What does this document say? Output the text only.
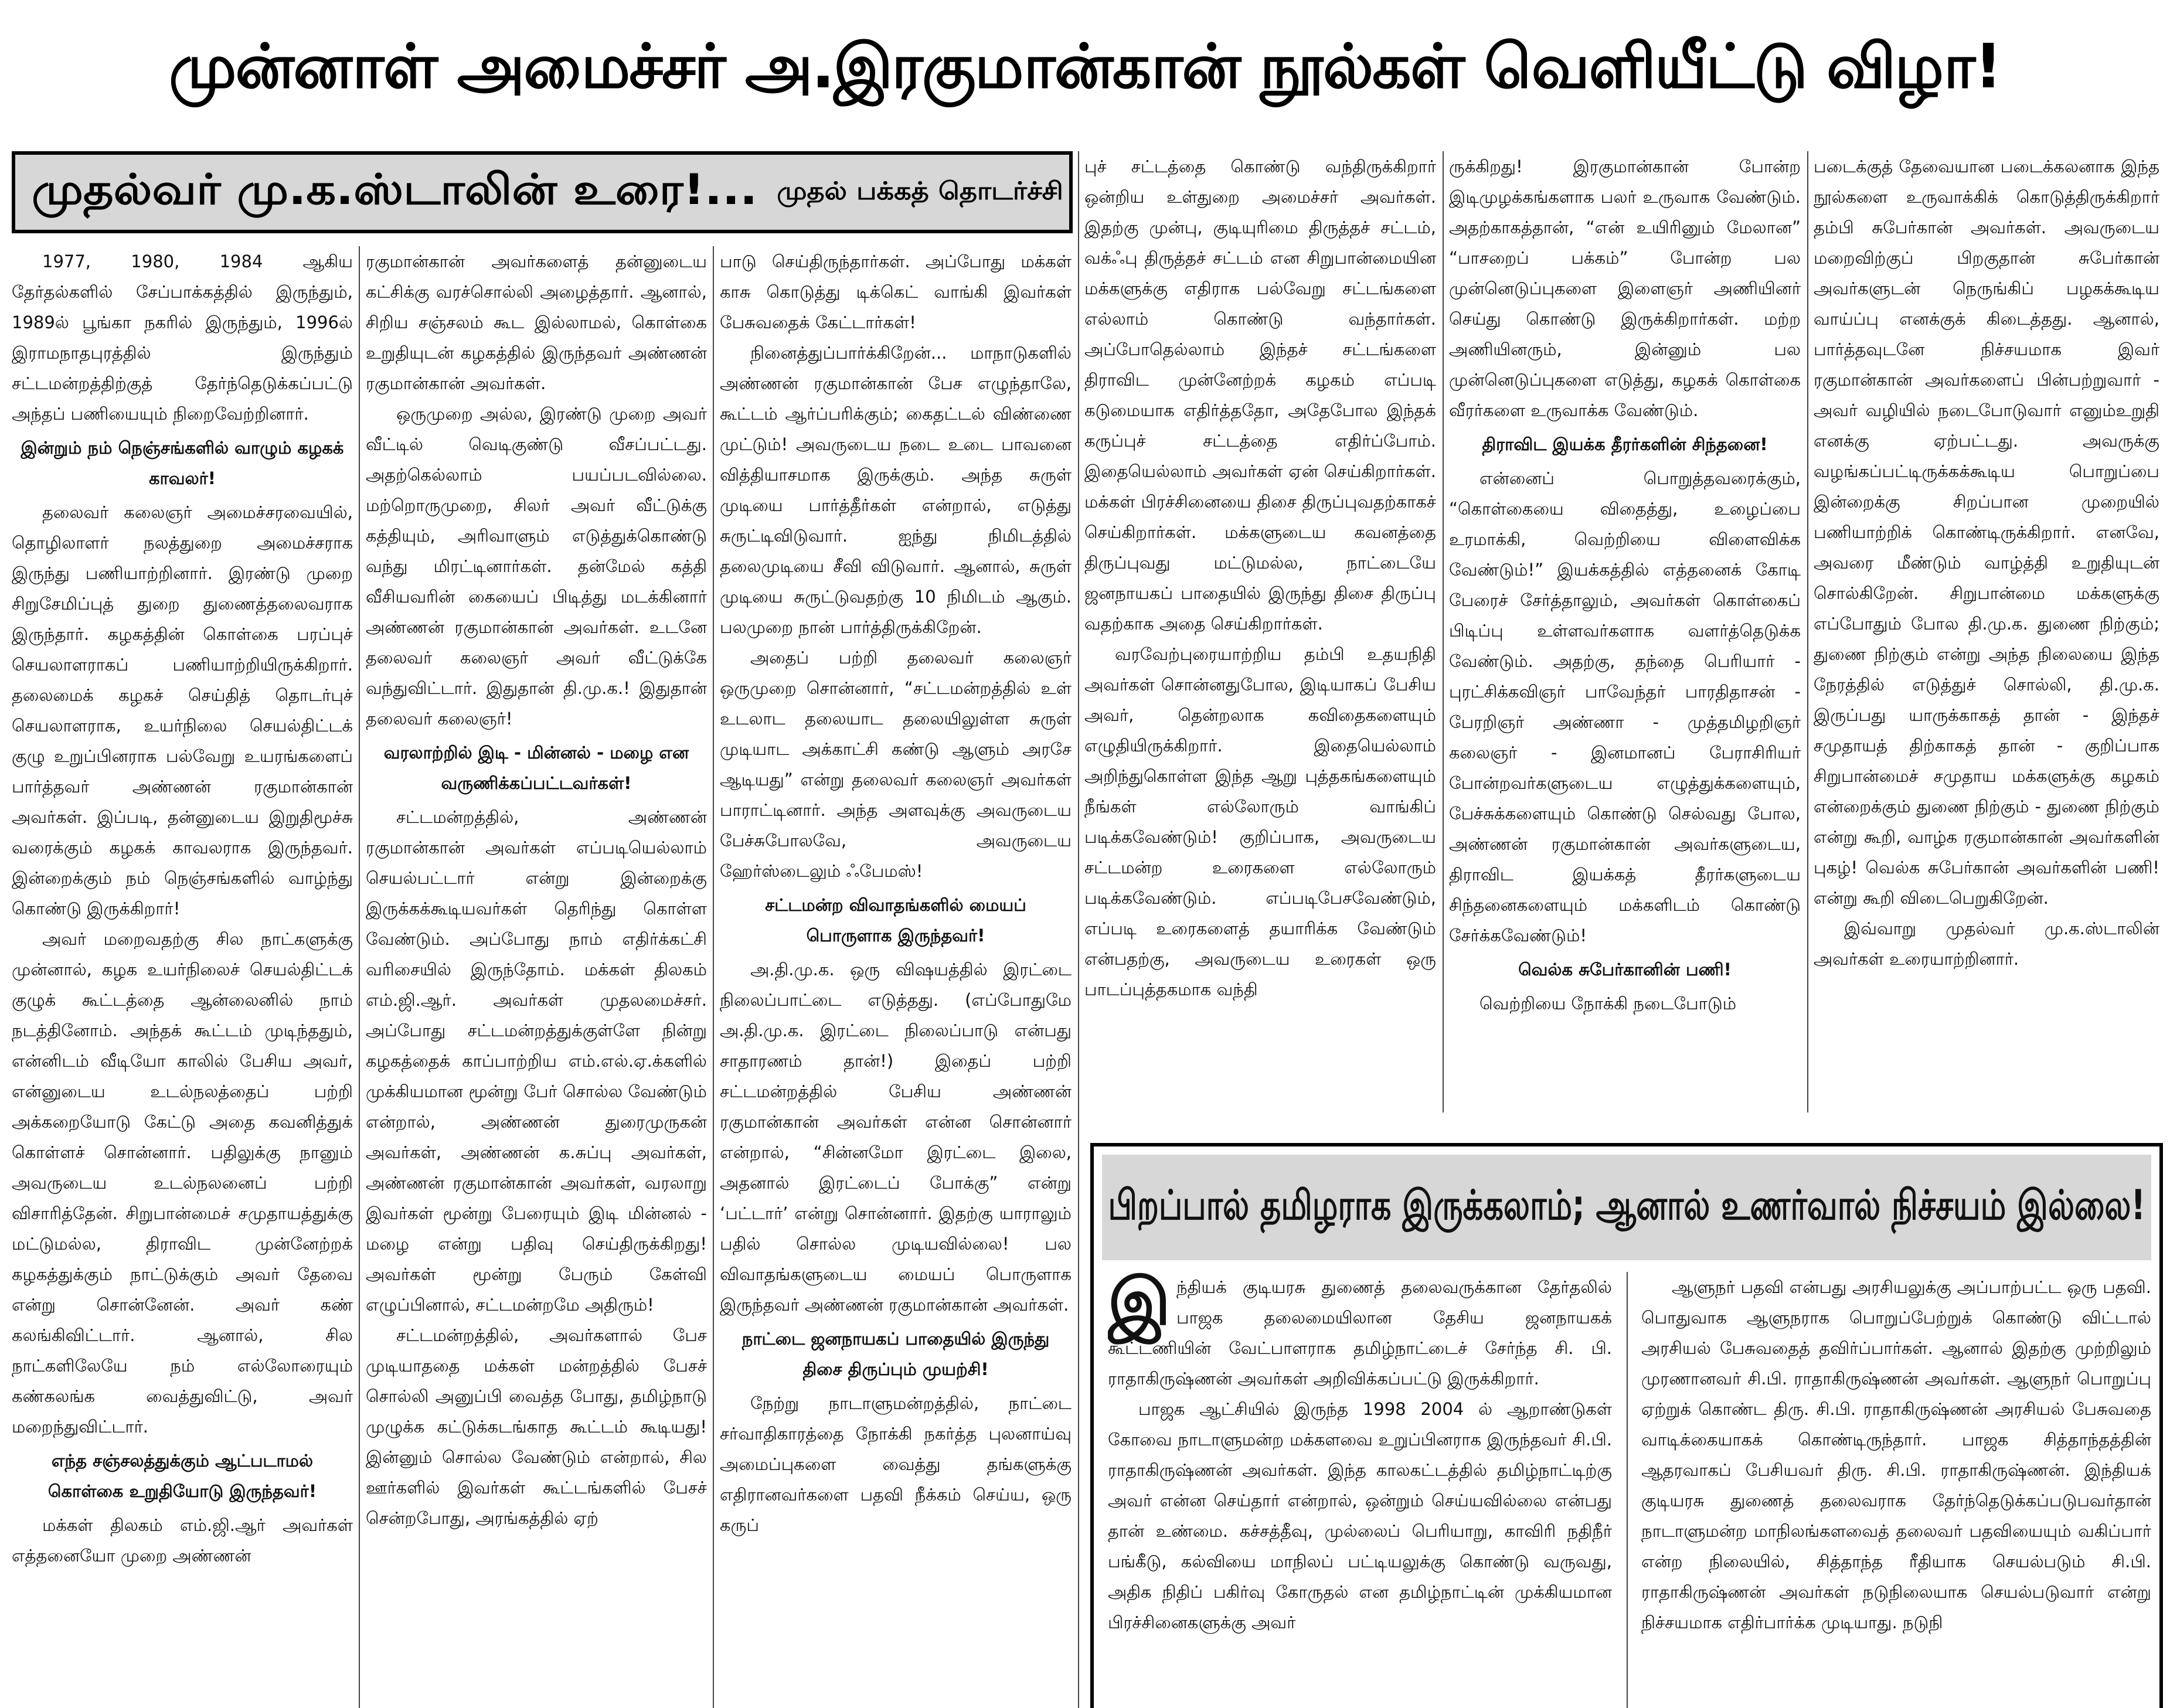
முன்னாள் அமைச்சர் அ.இரகுமான்கான் நூல்கள் வெளியீட்டு விழா!
முதல்வர் மு.க.ஸ்டாலின் உரை!... முதல் பக்கத் தொடர்ச்சி

1977, 1980, 1984 ஆகிய தேர்தல்களில் சேப்பாக்கத்தில் இருந்தும், 1989ல் பூங்கா நகரில் இருந்தும், 1996ல் இராமநாதபுரத்தில் இருந்தும் சட்டமன்றத்திற்குத் தேர்ந்தெடுக்கப்பட்டு அந்தப் பணியையும் நிறைவேற்றினார்.

இன்றும் நம் நெஞ்சங்களில் வாழும் கழகக் காவலர்!

தலைவர் கலைஞர் அமைச்சரவையில், தொழிலாளர் நலத்துறை அமைச்சராக இருந்து பணியாற்றினார். இரண்டு முறை சிறுசேமிப்புத் துறை துணைத்தலைவராக இருந்தார். கழகத்தின் கொள்கை பரப்புச் செயலாளராகப் பணியாற்றியிருக்கிறார். தலைமைக் கழகச் செய்தித் தொடர்புச் செயலாளராக, உயர்நிலை செயல்திட்டக் குழு உறுப்பினராக பல்வேறு உயரங்களைப் பார்த்தவர் அண்ணன் ரகுமான்கான் அவர்கள். இப்படி, தன்னுடைய இறுதிமூச்சு வரைக்கும் கழகக் காவலராக இருந்தவர். இன்றைக்கும் நம் நெஞ்சங்களில் வாழ்ந்து கொண்டு இருக்கிறார்!

அவர் மறைவதற்கு சில நாட்களுக்கு முன்னால், கழக உயர்நிலைச் செயல்திட்டக் குழுக் கூட்டத்தை ஆன்லைனில் நாம் நடத்தினோம். அந்தக் கூட்டம் முடிந்ததும், என்னிடம் வீடியோ காலில் பேசிய அவர், என்னுடைய உடல்நலத்தைப் பற்றி அக்கறையோடு கேட்டு அதை கவனித்துக் கொள்ளச் சொன்னார். பதிலுக்கு நானும் அவருடைய உடல்நலனைப் பற்றி விசாரித்தேன். சிறுபான்மைச் சமுதாயத்துக்கு மட்டுமல்ல, திராவிட முன்னேற்றக் கழகத்துக்கும் நாட்டுக்கும் அவர் தேவை என்று சொன்னேன். அவர் கண் கலங்கிவிட்டார். ஆனால், சில நாட்களிலேயே நம் எல்லோரையும் கண்கலங்க வைத்துவிட்டு, அவர் மறைந்துவிட்டார்.

எந்த சஞ்சலத்துக்கும் ஆட்படாமல் கொள்கை உறுதியோடு இருந்தவர்!

மக்கள் திலகம் எம்.ஜி.ஆர் அவர்கள் எத்தனையோ முறை அண்ணன்

ரகுமான்கான் அவர்களைத் தன்னுடைய கட்சிக்கு வரச்சொல்லி அழைத்தார். ஆனால், சிறிய சஞ்சலம் கூட இல்லாமல், கொள்கை உறுதியுடன் கழகத்தில் இருந்தவர் அண்ணன் ரகுமான்கான் அவர்கள்.

ஒருமுறை அல்ல, இரண்டு முறை அவர் வீட்டில் வெடிகுண்டு வீசப்பட்டது. அதற்கெல்லாம் பயப்படவில்லை. மற்றொருமுறை, சிலர் அவர் வீட்டுக்கு கத்தியும், அரிவாளும் எடுத்துக்கொண்டு வந்து மிரட்டினார்கள். தன்மேல் கத்தி வீசியவரின் கையைப் பிடித்து மடக்கினார் அண்ணன் ரகுமான்கான் அவர்கள். உடனே தலைவர் கலைஞர் அவர் வீட்டுக்கே வந்துவிட்டார். இதுதான் தி.மு.க.! இதுதான் தலைவர் கலைஞர்!

வரலாற்றில் இடி - மின்னல் - மழை என வருணிக்கப்பட்டவர்கள்!

சட்டமன்றத்தில், அண்ணன் ரகுமான்கான் அவர்கள் எப்படியெல்லாம் செயல்பட்டார் என்று இன்றைக்கு இருக்கக்கூடியவர்கள் தெரிந்து கொள்ள வேண்டும். அப்போது நாம் எதிர்க்கட்சி வரிசையில் இருந்தோம். மக்கள் திலகம் எம்.ஜி.ஆர். அவர்கள் முதலமைச்சர். அப்போது சட்டமன்றத்துக்குள்ளே நின்று கழகத்தைக் காப்பாற்றிய எம்.எல்.ஏ.க்களில் முக்கியமான மூன்று பேர் சொல்ல வேண்டும் என்றால், அண்ணன் துரைமுருகன் அவர்கள், அண்ணன் க.சுப்பு அவர்கள், அண்ணன் ரகுமான்கான் அவர்கள், வரலாறு இவர்கள் மூன்று பேரையும் இடி மின்னல் - மழை என்று பதிவு செய்திருக்கிறது! அவர்கள் மூன்று பேரும் கேள்வி எழுப்பினால், சட்டமன்றமே அதிரும்!

சட்டமன்றத்தில், அவர்களால் பேச முடியாததை மக்கள் மன்றத்தில் பேசச் சொல்லி அனுப்பி வைத்த போது, தமிழ்நாடு முழுக்க கட்டுக்கடங்காத கூட்டம் கூடியது! இன்னும் சொல்ல வேண்டும் என்றால், சில ஊர்களில் இவர்கள் கூட்டங்களில் பேசச் சென்றபோது, அரங்கத்தில் ஏற்

பாடு செய்திருந்தார்கள். அப்போது மக்கள் காசு கொடுத்து டிக்கெட் வாங்கி இவர்கள் பேசுவதைக் கேட்டார்கள்!

நினைத்துப்பார்க்கிறேன்... மாநாடுகளில் அண்ணன் ரகுமான்கான் பேச எழுந்தாலே, கூட்டம் ஆர்ப்பரிக்கும்; கைதட்டல் விண்ணை முட்டும்! அவருடைய நடை உடை பாவனை வித்தியாசமாக இருக்கும். அந்த சுருள் முடியை பார்த்தீர்கள் என்றால், எடுத்து சுருட்டிவிடுவார். ஐந்து நிமிடத்தில் தலைமுடியை சீவி விடுவார். ஆனால், சுருள் முடியை சுருட்டுவதற்கு 10 நிமிடம் ஆகும். பலமுறை நான் பார்த்திருக்கிறேன்.

அதைப் பற்றி தலைவர் கலைஞர் ஒருமுறை சொன்னார், “சட்டமன்றத்தில் உள் உடலாட தலையாட தலையிலுள்ள சுருள் முடியாட அக்காட்சி கண்டு ஆளும் அரசே ஆடியது” என்று தலைவர் கலைஞர் அவர்கள் பாராட்டினார். அந்த அளவுக்கு அவருடைய பேச்சுபோலவே, அவருடைய ஹேர்ஸ்டைலும் ஃபேமஸ்!

சட்டமன்ற விவாதங்களில் மையப் பொருளாக இருந்தவர்!

அ.தி.மு.க. ஒரு விஷயத்தில் இரட்டை நிலைப்பாட்டை எடுத்தது. (எப்போதுமே அ.தி.மு.க. இரட்டை நிலைப்பாடு என்பது சாதாரணம் தான்!) இதைப் பற்றி சட்டமன்றத்தில் பேசிய அண்ணன் ரகுமான்கான் அவர்கள் என்ன சொன்னார் என்றால், “சின்னமோ இரட்டை இலை, அதனால் இரட்டைப் போக்கு” என்று ‘பட்டார்’ என்று சொன்னார். இதற்கு யாராலும் பதில் சொல்ல முடியவில்லை! பல விவாதங்களுடைய மையப் பொருளாக இருந்தவர் அண்ணன் ரகுமான்கான் அவர்கள்.

நாட்டை ஜனநாயகப் பாதையில் இருந்து திசை திருப்பும் முயற்சி!

நேற்று நாடாளுமன்றத்தில், நாட்டை சர்வாதிகாரத்தை நோக்கி நகர்த்த புலனாய்வு அமைப்புகளை வைத்து தங்களுக்கு எதிரானவர்களை பதவி நீக்கம் செய்ய, ஒரு கருப்

புச் சட்டத்தை கொண்டு வந்திருக்கிறார் ஒன்றிய உள்துறை அமைச்சர் அவர்கள். இதற்கு முன்பு, குடியுரிமை திருத்தச் சட்டம், வக்ஃபு திருத்தச் சட்டம் என சிறுபான்மையின மக்களுக்கு எதிராக பல்வேறு சட்டங்களை எல்லாம் கொண்டு வந்தார்கள். அப்போதெல்லாம் இந்தச் சட்டங்களை திராவிட முன்னேற்றக் கழகம் எப்படி கடுமையாக எதிர்த்ததோ, அதேபோல இந்தக் கருப்புச் சட்டத்தை எதிர்ப்போம். இதையெல்லாம் அவர்கள் ஏன் செய்கிறார்கள். மக்கள் பிரச்சினையை திசை திருப்புவதற்காகச் செய்கிறார்கள். மக்களுடைய கவனத்தை திருப்புவது மட்டுமல்ல, நாட்டையே ஜனநாயகப் பாதையில் இருந்து திசை திருப்பு வதற்காக அதை செய்கிறார்கள்.

வரவேற்புரையாற்றிய தம்பி உதயநிதி அவர்கள் சொன்னதுபோல, இடியாகப் பேசிய அவர், தென்றலாக கவிதைகளையும் எழுதியிருக்கிறார். இதையெல்லாம் அறிந்துகொள்ள இந்த ஆறு புத்தகங்களையும் நீங்கள் எல்லோரும் வாங்கிப் படிக்கவேண்டும்! குறிப்பாக, அவருடைய சட்டமன்ற உரைகளை எல்லோரும் படிக்கவேண்டும். எப்படிபேசவேண்டும், எப்படி உரைகளைத் தயாரிக்க வேண்டும் என்பதற்கு, அவருடைய உரைகள் ஒரு பாடப்புத்தகமாக வந்தி

ருக்கிறது! இரகுமான்கான் போன்ற இடிமுழக்கங்களாக பலர் உருவாக வேண்டும். அதற்காகத்தான், “என் உயிரினும் மேலான” “பாசறைப் பக்கம்” போன்ற பல முன்னெடுப்புகளை இளைஞர் அணியினர் செய்து கொண்டு இருக்கிறார்கள். மற்ற அணியினரும், இன்னும் பல முன்னெடுப்புகளை எடுத்து, கழகக் கொள்கை வீரர்களை உருவாக்க வேண்டும்.

திராவிட இயக்க தீரர்களின் சிந்தனை!

என்னைப் பொறுத்தவரைக்கும், “கொள்கையை விதைத்து, உழைப்பை உரமாக்கி, வெற்றியை விளைவிக்க வேண்டும்!” இயக்கத்தில் எத்தனைக் கோடி பேரைச் சேர்த்தாலும், அவர்கள் கொள்கைப் பிடிப்பு உள்ளவர்களாக வளர்த்தெடுக்க வேண்டும். அதற்கு, தந்தை பெரியார் - புரட்சிக்கவிஞர் பாவேந்தர் பாரதிதாசன் - பேரறிஞர் அண்ணா - முத்தமிழறிஞர் கலைஞர் - இனமானப் பேராசிரியர் போன்றவர்களுடைய எழுத்துக்களையும், பேச்சுக்களையும் கொண்டு செல்வது போல, அண்ணன் ரகுமான்கான் அவர்களுடைய, திராவிட இயக்கத் தீரர்களுடைய சிந்தனைகளையும் மக்களிடம் கொண்டு சேர்க்கவேண்டும்!

வெல்க சுபேர்கானின் பணி!

வெற்றியை நோக்கி நடைபோடும்

படைக்குத் தேவையான படைக்கலனாக இந்த நூல்களை உருவாக்கிக் கொடுத்திருக்கிறார் தம்பி சுபேர்கான் அவர்கள். அவருடைய மறைவிற்குப் பிறகுதான் சுபேர்கான் அவர்களுடன் நெருங்கிப் பழகக்கூடிய வாய்ப்பு எனக்குக் கிடைத்தது. ஆனால், பார்த்தவுடனே நிச்சயமாக இவர் ரகுமான்கான் அவர்களைப் பின்பற்றுவார் - அவர் வழியில் நடைபோடுவார் எனும்உறுதி எனக்கு ஏற்பட்டது. அவருக்கு வழங்கப்பட்டிருக்கக்கூடிய பொறுப்பை இன்றைக்கு சிறப்பான முறையில் பணியாற்றிக் கொண்டிருக்கிறார். எனவே, அவரை மீண்டும் வாழ்த்தி உறுதியுடன் சொல்கிறேன். சிறுபான்மை மக்களுக்கு எப்போதும் போல தி.மு.க. துணை நிற்கும்; துணை நிற்கும் என்று அந்த நிலையை இந்த நேரத்தில் எடுத்துச் சொல்லி, தி.மு.க. இருப்பது யாருக்காகத் தான் - இந்தச் சமுதாயத் திற்காகத் தான் - குறிப்பாக சிறுபான்மைச் சமுதாய மக்களுக்கு கழகம் என்றைக்கும் துணை நிற்கும் - துணை நிற்கும் என்று கூறி, வாழ்க ரகுமான்கான் அவர்களின் புகழ்! வெல்க சுபேர்கான் அவர்களின் பணி! என்று கூறி விடைபெறுகிறேன்.

இவ்வாறு முதல்வர் மு.க.ஸ்டாலின் அவர்கள் உரையாற்றினார்.

பிறப்பால் தமிழராக இருக்கலாம்; ஆனால் உணர்வால் நிச்சயம் இல்லை!

இந்தியக் குடியரசு துணைத் தலைவருக்கான தேர்தலில் பாஜக தலைமையிலான தேசிய ஜனநாயகக் கூட்டணியின் வேட்பாளராக தமிழ்நாட்டைச் சேர்ந்த சி. பி. ராதாகிருஷ்ணன் அவர்கள் அறிவிக்கப்பட்டு இருக்கிறார்.

பாஜக ஆட்சியில் இருந்த 1998 2004 ல் ஆறாண்டுகள் கோவை நாடாளுமன்ற மக்களவை உறுப்பினராக இருந்தவர் சி.பி. ராதாகிருஷ்ணன் அவர்கள். இந்த காலகட்டத்தில் தமிழ்நாட்டிற்கு அவர் என்ன செய்தார் என்றால், ஒன்றும் செய்யவில்லை என்பது தான் உண்மை. கச்சத்தீவு, முல்லைப் பெரியாறு, காவிரி நதிநீர் பங்கீடு, கல்வியை மாநிலப் பட்டியலுக்கு கொண்டு வருவது, அதிக நிதிப் பகிர்வு கோருதல் என தமிழ்நாட்டின் முக்கியமான பிரச்சினைகளுக்கு அவர்

ஆளுநர் பதவி என்பது அரசியலுக்கு அப்பாற்பட்ட ஒரு பதவி. பொதுவாக ஆளுநராக பொறுப்பேற்றுக் கொண்டு விட்டால் அரசியல் பேசுவதைத் தவிர்ப்பார்கள். ஆனால் இதற்கு முற்றிலும் முரணானவர் சி.பி. ராதாகிருஷ்ணன் அவர்கள். ஆளுநர் பொறுப்பு ஏற்றுக் கொண்ட திரு. சி.பி. ராதாகிருஷ்ணன் அரசியல் பேசுவதை வாடிக்கையாகக் கொண்டிருந்தார். பாஜக சித்தாந்தத்தின் ஆதரவாகப் பேசியவர் திரு. சி.பி. ராதாகிருஷ்ணன். இந்தியக் குடியரசு துணைத் தலைவராக தேர்ந்தெடுக்கப்படுபவர்தான் நாடாளுமன்ற மாநிலங்களவைத் தலைவர் பதவியையும் வகிப்பார் என்ற நிலையில், சித்தாந்த ரீதியாக செயல்படும் சி.பி. ராதாகிருஷ்ணன் அவர்கள் நடுநிலையாக செயல்படுவார் என்று நிச்சயமாக எதிர்பார்க்க முடியாது. நடுநி
